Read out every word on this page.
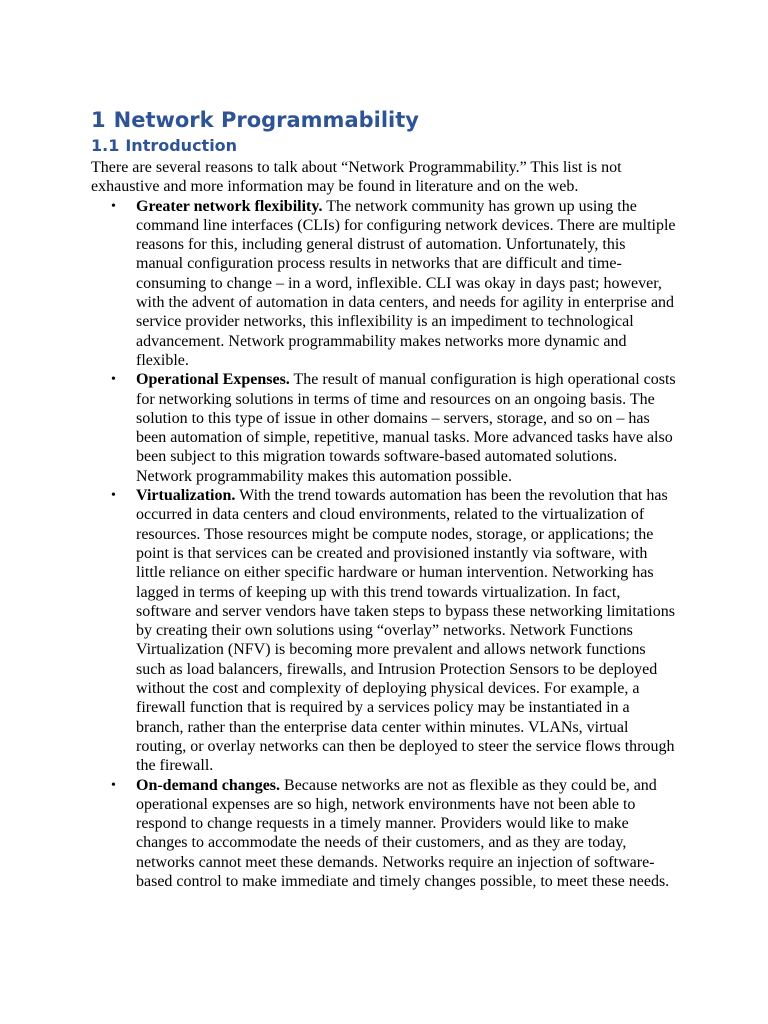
1 Network Programmability
1.1 Introduction

There are several reasons to talk about “Network Programmability.” This list is not exhaustive and more information may be found in literature and on the web.

• Greater network flexibility. The network community has grown up using the command line interfaces (CLIs) for configuring network devices. There are multiple reasons for this, including general distrust of automation. Unfortunately, this manual configuration process results in networks that are difficult and time-consuming to change – in a word, inflexible. CLI was okay in days past; however, with the advent of automation in data centers, and needs for agility in enterprise and service provider networks, this inflexibility is an impediment to technological advancement. Network programmability makes networks more dynamic and flexible.
• Operational Expenses. The result of manual configuration is high operational costs for networking solutions in terms of time and resources on an ongoing basis. The solution to this type of issue in other domains – servers, storage, and so on – has been automation of simple, repetitive, manual tasks. More advanced tasks have also been subject to this migration towards software-based automated solutions. Network programmability makes this automation possible.
• Virtualization. With the trend towards automation has been the revolution that has occurred in data centers and cloud environments, related to the virtualization of resources. Those resources might be compute nodes, storage, or applications; the point is that services can be created and provisioned instantly via software, with little reliance on either specific hardware or human intervention. Networking has lagged in terms of keeping up with this trend towards virtualization. In fact, software and server vendors have taken steps to bypass these networking limitations by creating their own solutions using “overlay” networks. Network Functions Virtualization (NFV) is becoming more prevalent and allows network functions such as load balancers, firewalls, and Intrusion Protection Sensors to be deployed without the cost and complexity of deploying physical devices. For example, a firewall function that is required by a services policy may be instantiated in a branch, rather than the enterprise data center within minutes. VLANs, virtual routing, or overlay networks can then be deployed to steer the service flows through the firewall.
• On-demand changes. Because networks are not as flexible as they could be, and operational expenses are so high, network environments have not been able to respond to change requests in a timely manner. Providers would like to make changes to accommodate the needs of their customers, and as they are today, networks cannot meet these demands. Networks require an injection of software-based control to make immediate and timely changes possible, to meet these needs.
